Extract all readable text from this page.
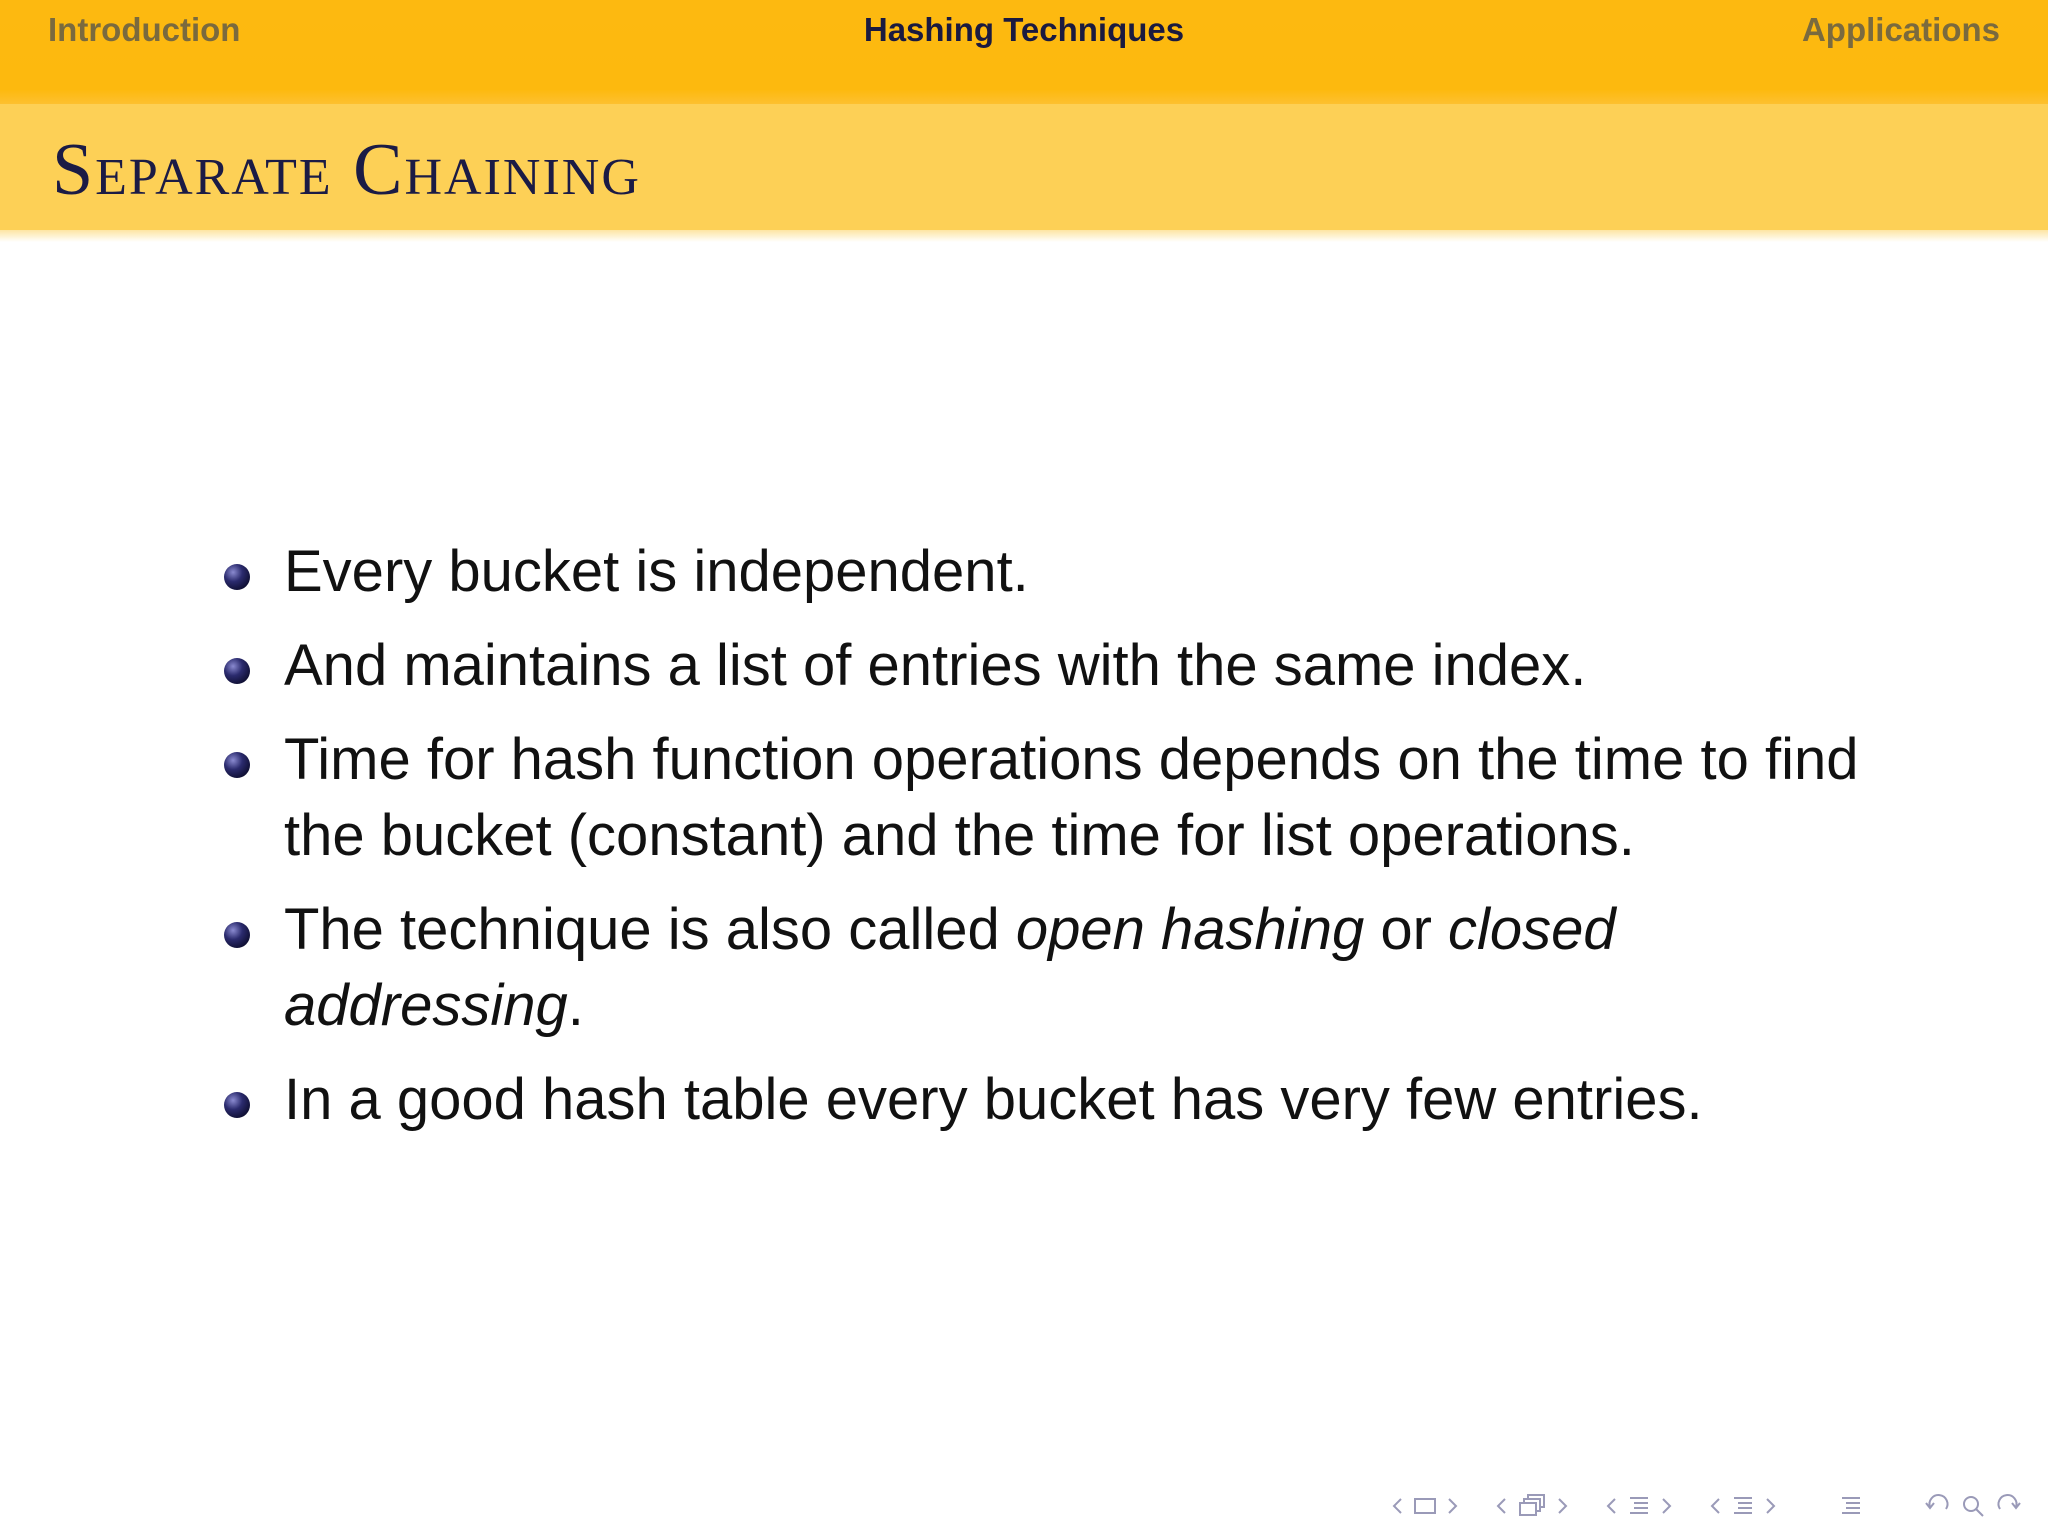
Introduction	Hashing Techniques	Applications
Separate Chaining
Every bucket is independent.
And maintains a list of entries with the same index.
Time for hash function operations depends on the time to find the bucket (constant) and the time for list operations.
The technique is also called open hashing or closed addressing.
In a good hash table every bucket has very few entries.
